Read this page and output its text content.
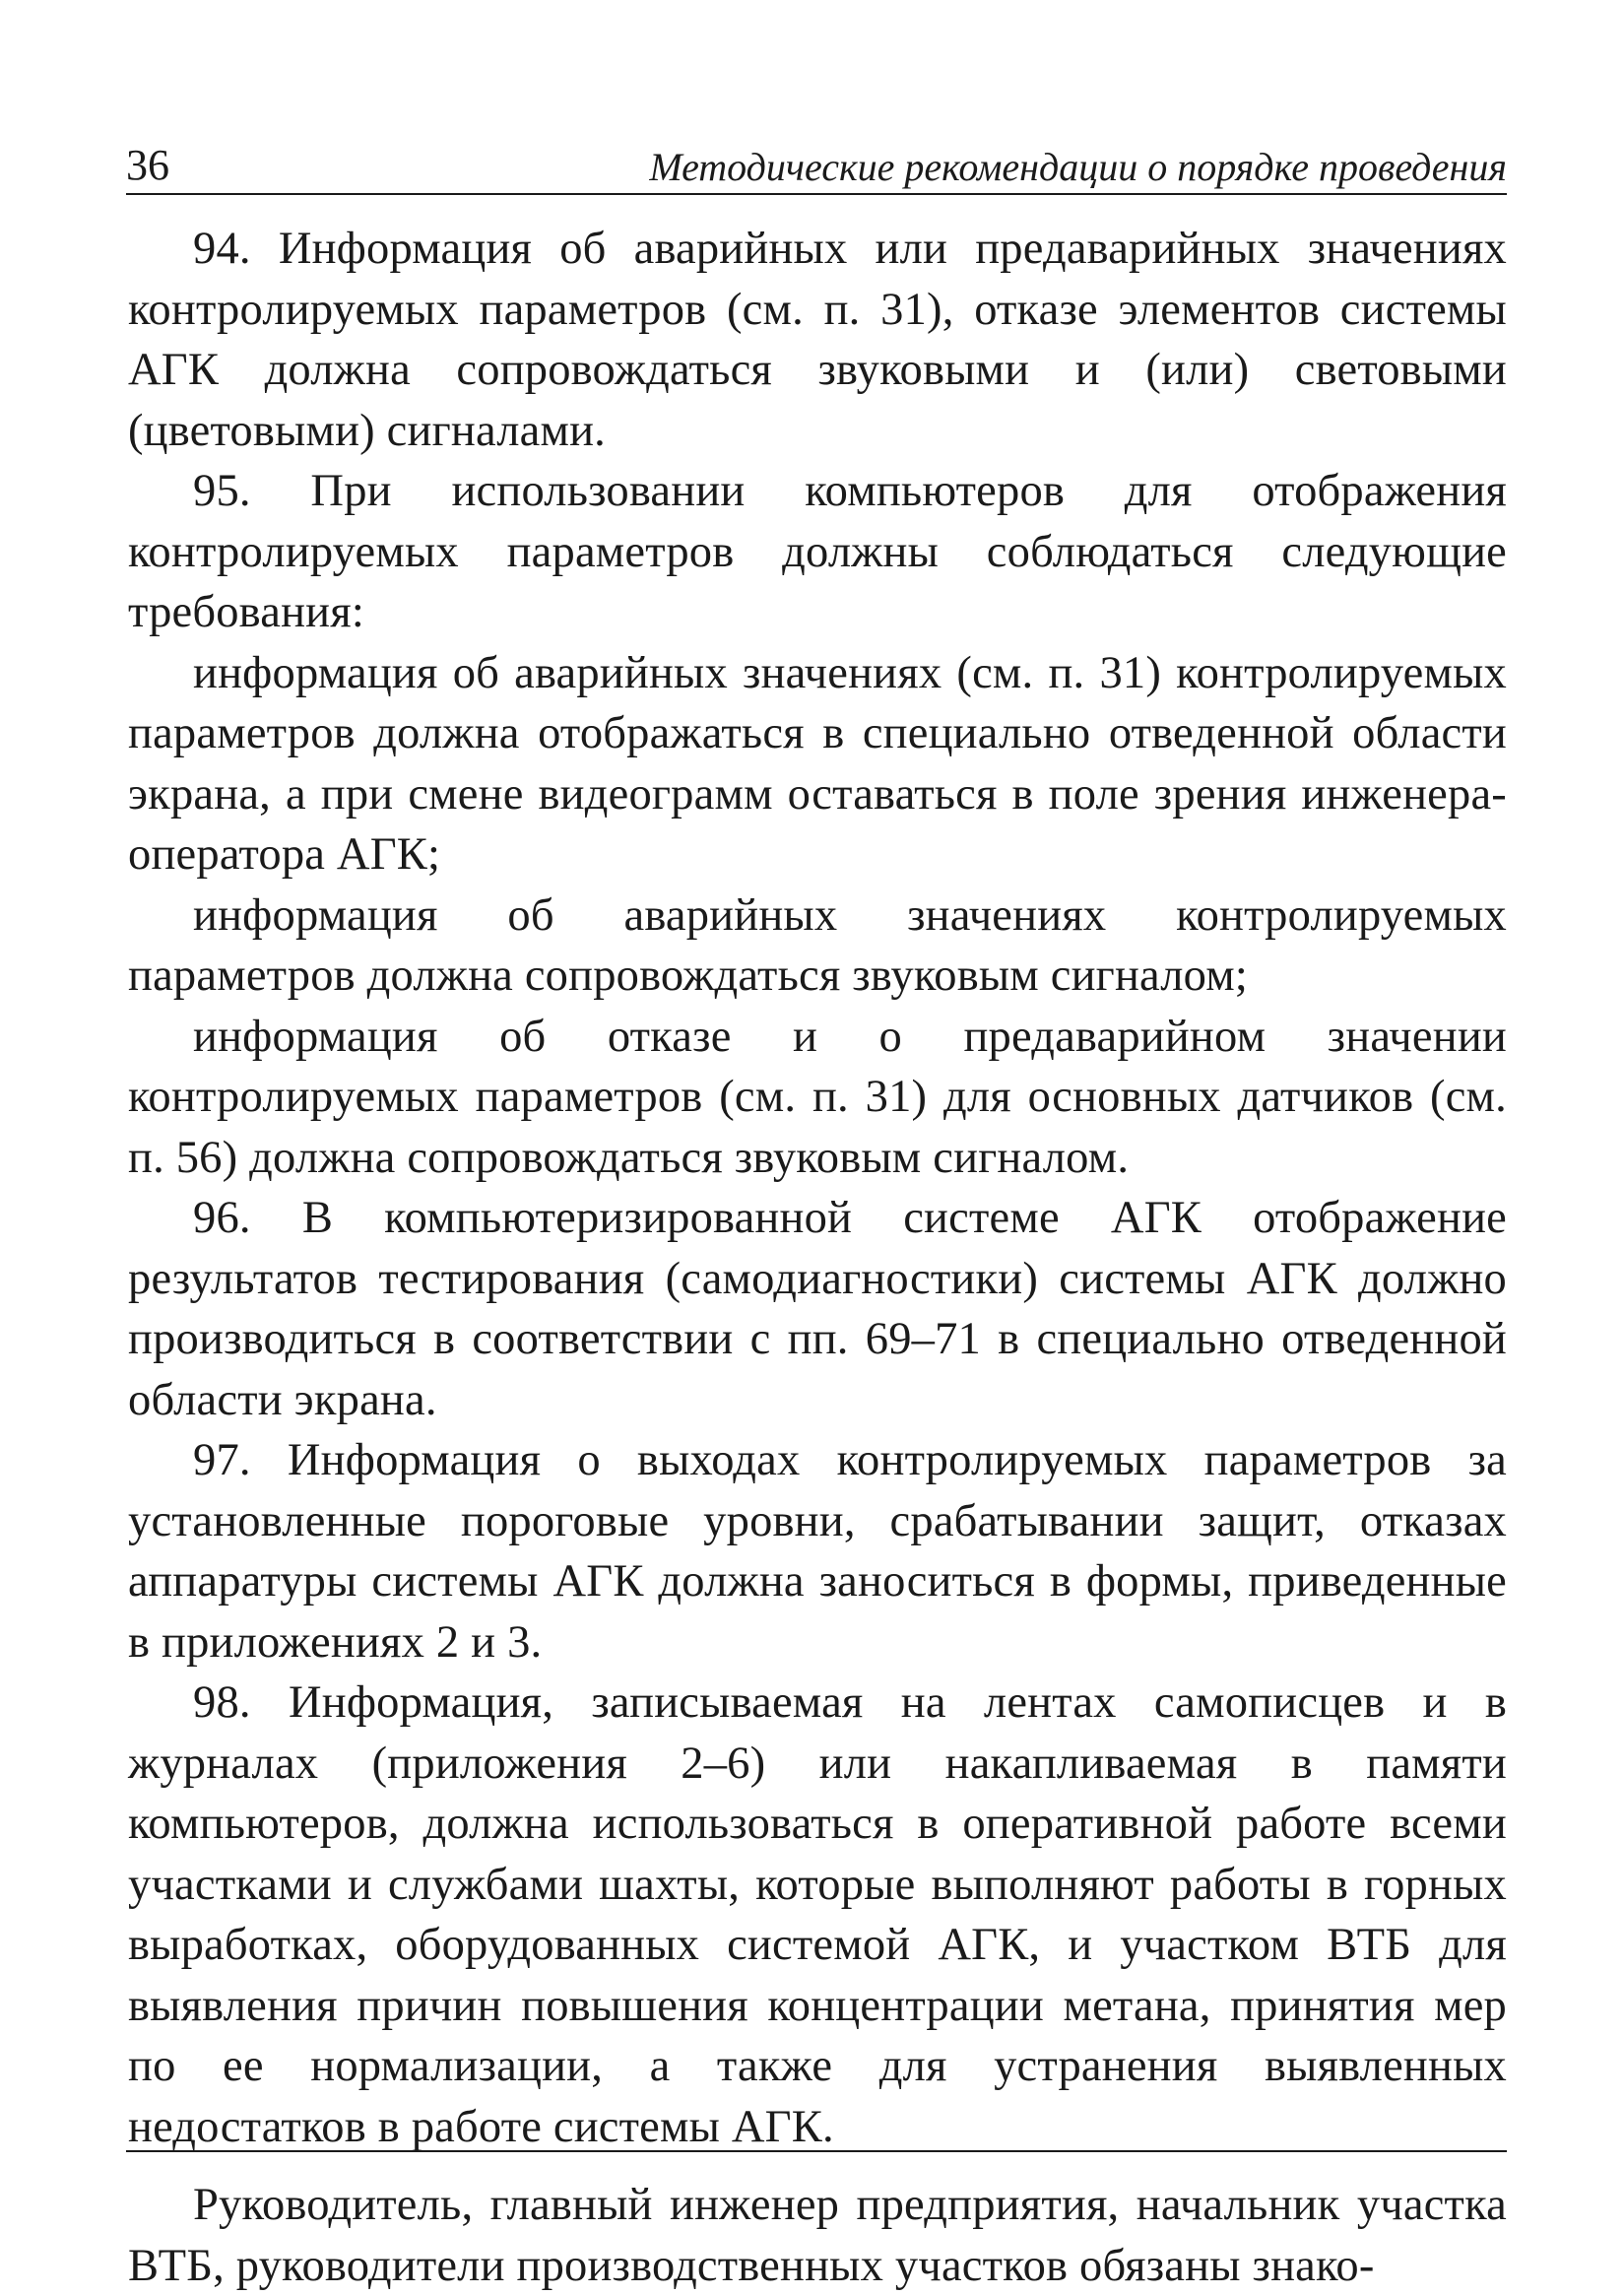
36	Методические рекомендации о порядке проведения

94. Информация об аварийных или предаварийных значениях контролируемых параметров (см. п. 31), отказе элементов системы АГК должна сопровождаться звуковыми и (или) световыми (цветовыми) сигналами.

95. При использовании компьютеров для отображения контролируемых параметров должны соблюдаться следующие требования:

информация об аварийных значениях (см. п. 31) контролируемых параметров должна отображаться в специально отведенной области экрана, а при смене видеограмм оставаться в поле зрения инженера-оператора АГК;

информация об аварийных значениях контролируемых параметров должна сопровождаться звуковым сигналом;

информация об отказе и о предаварийном значении контролируемых параметров (см. п. 31) для основных датчиков (см. п. 56) должна сопровождаться звуковым сигналом.

96. В компьютеризированной системе АГК отображение результатов тестирования (самодиагностики) системы АГК должно производиться в соответствии с пп. 69–71 в специально отведенной области экрана.

97. Информация о выходах контролируемых параметров за установленные пороговые уровни, срабатывании защит, отказах аппаратуры системы АГК должна заноситься в формы, приведенные в приложениях 2 и 3.

98. Информация, записываемая на лентах самописцев и в журналах (приложения 2–6) или накапливаемая в памяти компьютеров, должна использоваться в оперативной работе всеми участками и службами шахты, которые выполняют работы в горных выработках, оборудованных системой АГК, и участком ВТБ для выявления причин повышения концентрации метана, принятия мер по ее нормализации, а также для устранения выявленных недостатков в работе системы АГК.

Руководитель, главный инженер предприятия, начальник участка ВТБ, руководители производственных участков обязаны знако-
